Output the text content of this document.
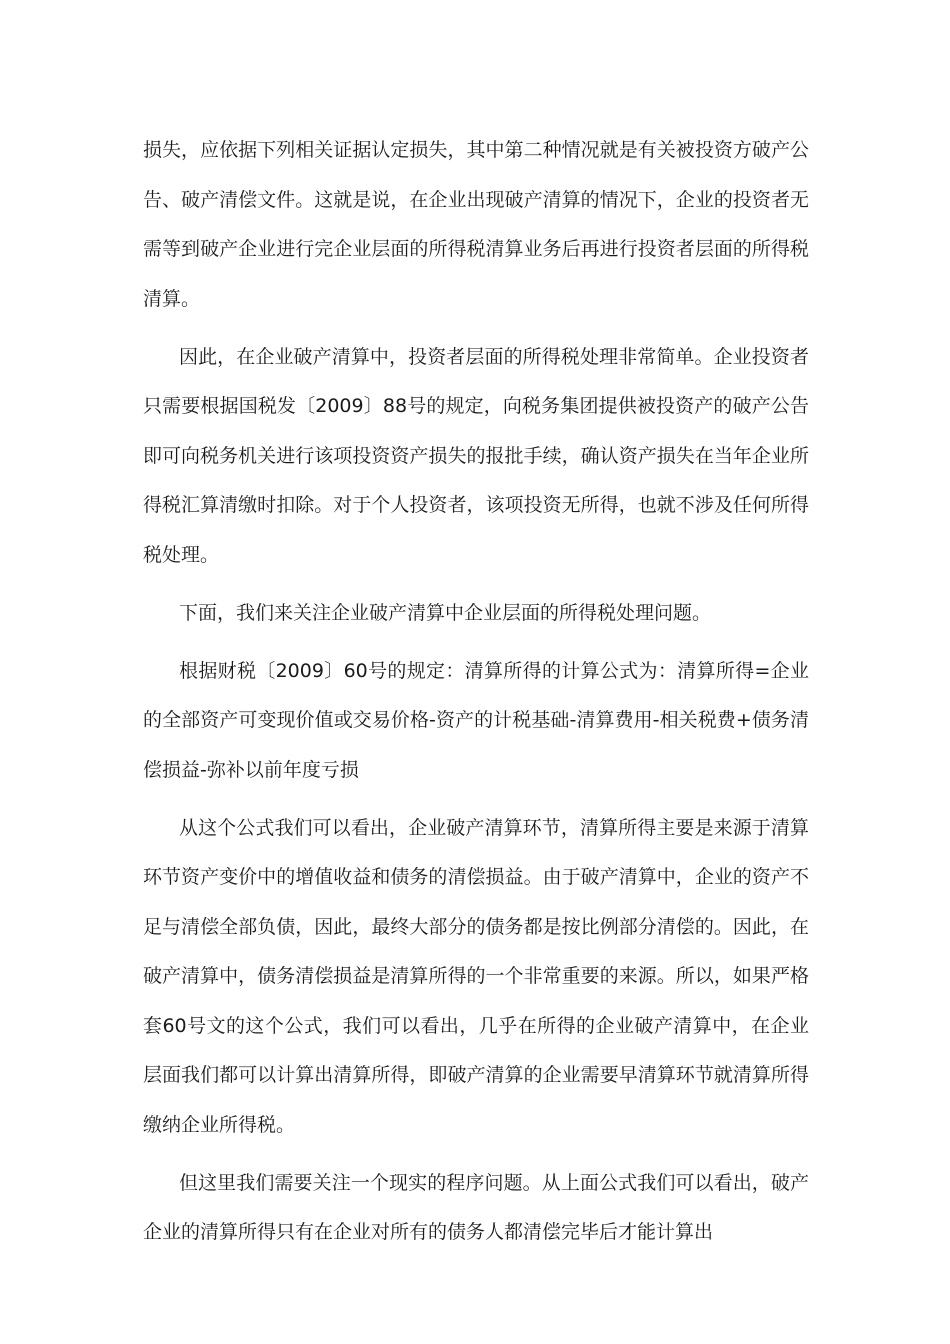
损失，应依据下列相关证据认定损失，其中第二种情况就是有关被投资方破产公告、破产清偿文件。这就是说，在企业出现破产清算的情况下，企业的投资者无需等到破产企业进行完企业层面的所得税清算业务后再进行投资者层面的所得税清算。

因此，在企业破产清算中，投资者层面的所得税处理非常简单。企业投资者只需要根据国税发〔2009〕88号的规定，向税务集团提供被投资产的破产公告即可向税务机关进行该项投资资产损失的报批手续，确认资产损失在当年企业所得税汇算清缴时扣除。对于个人投资者，该项投资无所得，也就不涉及任何所得税处理。

下面，我们来关注企业破产清算中企业层面的所得税处理问题。

根据财税〔2009〕60号的规定：清算所得的计算公式为：清算所得=企业的全部资产可变现价值或交易价格-资产的计税基础-清算费用-相关税费+债务清偿损益-弥补以前年度亏损

从这个公式我们可以看出，企业破产清算环节，清算所得主要是来源于清算环节资产变价中的增值收益和债务的清偿损益。由于破产清算中，企业的资产不足与清偿全部负债，因此，最终大部分的债务都是按比例部分清偿的。因此，在破产清算中，债务清偿损益是清算所得的一个非常重要的来源。所以，如果严格套60号文的这个公式，我们可以看出，几乎在所得的企业破产清算中，在企业层面我们都可以计算出清算所得，即破产清算的企业需要早清算环节就清算所得缴纳企业所得税。

但这里我们需要关注一个现实的程序问题。从上面公式我们可以看出，破产企业的清算所得只有在企业对所有的债务人都清偿完毕后才能计算出
